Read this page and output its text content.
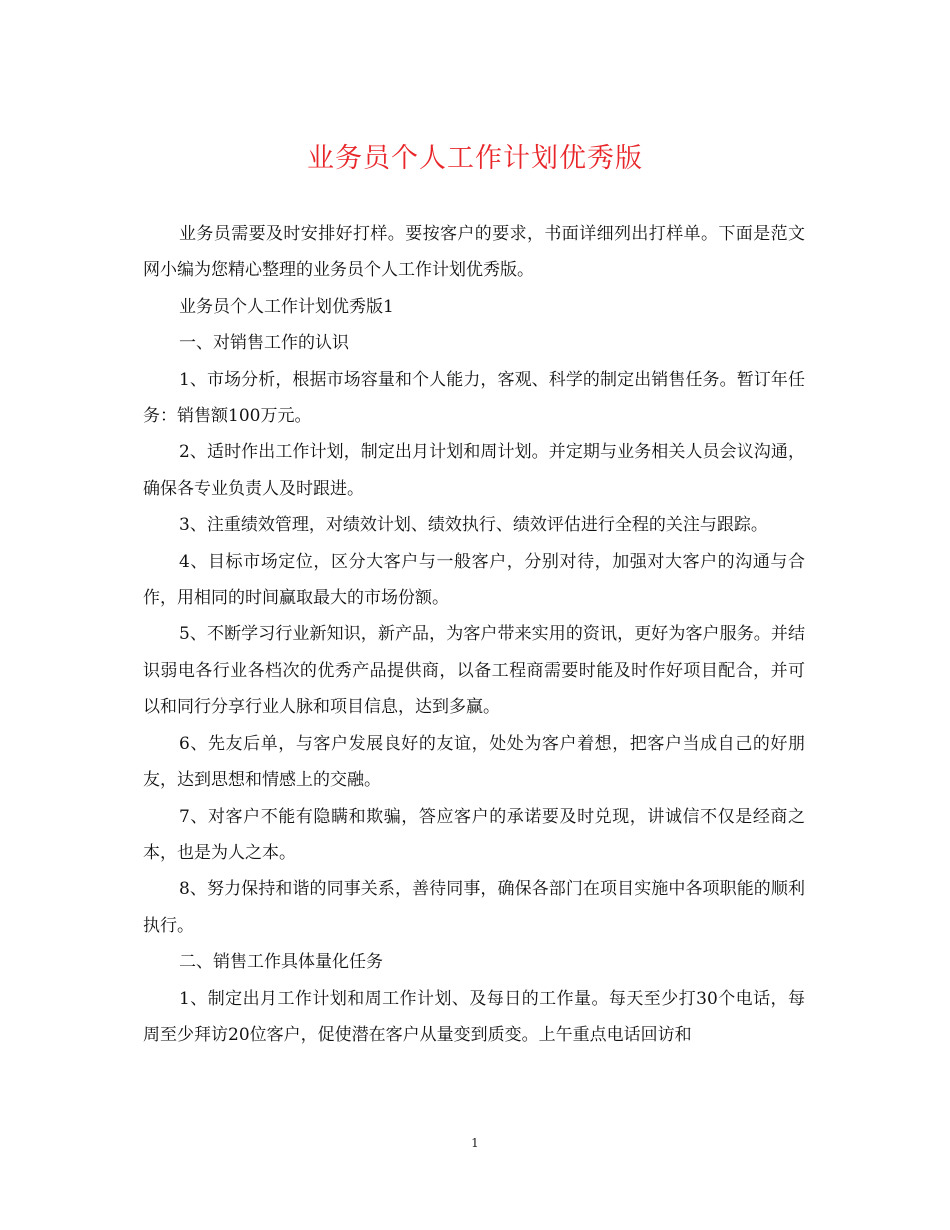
业务员个人工作计划优秀版

业务员需要及时安排好打样。要按客户的要求，书面详细列出打样单。下面是范文网小编为您精心整理的业务员个人工作计划优秀版。

业务员个人工作计划优秀版1

一、对销售工作的认识

1、市场分析，根据市场容量和个人能力，客观、科学的制定出销售任务。暂订年任务：销售额100万元。

2、适时作出工作计划，制定出月计划和周计划。并定期与业务相关人员会议沟通，确保各专业负责人及时跟进。

3、注重绩效管理，对绩效计划、绩效执行、绩效评估进行全程的关注与跟踪。

4、目标市场定位，区分大客户与一般客户，分别对待，加强对大客户的沟通与合作，用相同的时间赢取最大的市场份额。

5、不断学习行业新知识，新产品，为客户带来实用的资讯，更好为客户服务。并结识弱电各行业各档次的优秀产品提供商，以备工程商需要时能及时作好项目配合，并可以和同行分享行业人脉和项目信息，达到多赢。

6、先友后单，与客户发展良好的友谊，处处为客户着想，把客户当成自己的好朋友，达到思想和情感上的交融。

7、对客户不能有隐瞒和欺骗，答应客户的承诺要及时兑现，讲诚信不仅是经商之本，也是为人之本。

8、努力保持和谐的同事关系，善待同事，确保各部门在项目实施中各项职能的顺利执行。

二、销售工作具体量化任务

1、制定出月工作计划和周工作计划、及每日的工作量。每天至少打30个电话，每周至少拜访20位客户，促使潜在客户从量变到质变。上午重点电话回访和

1
